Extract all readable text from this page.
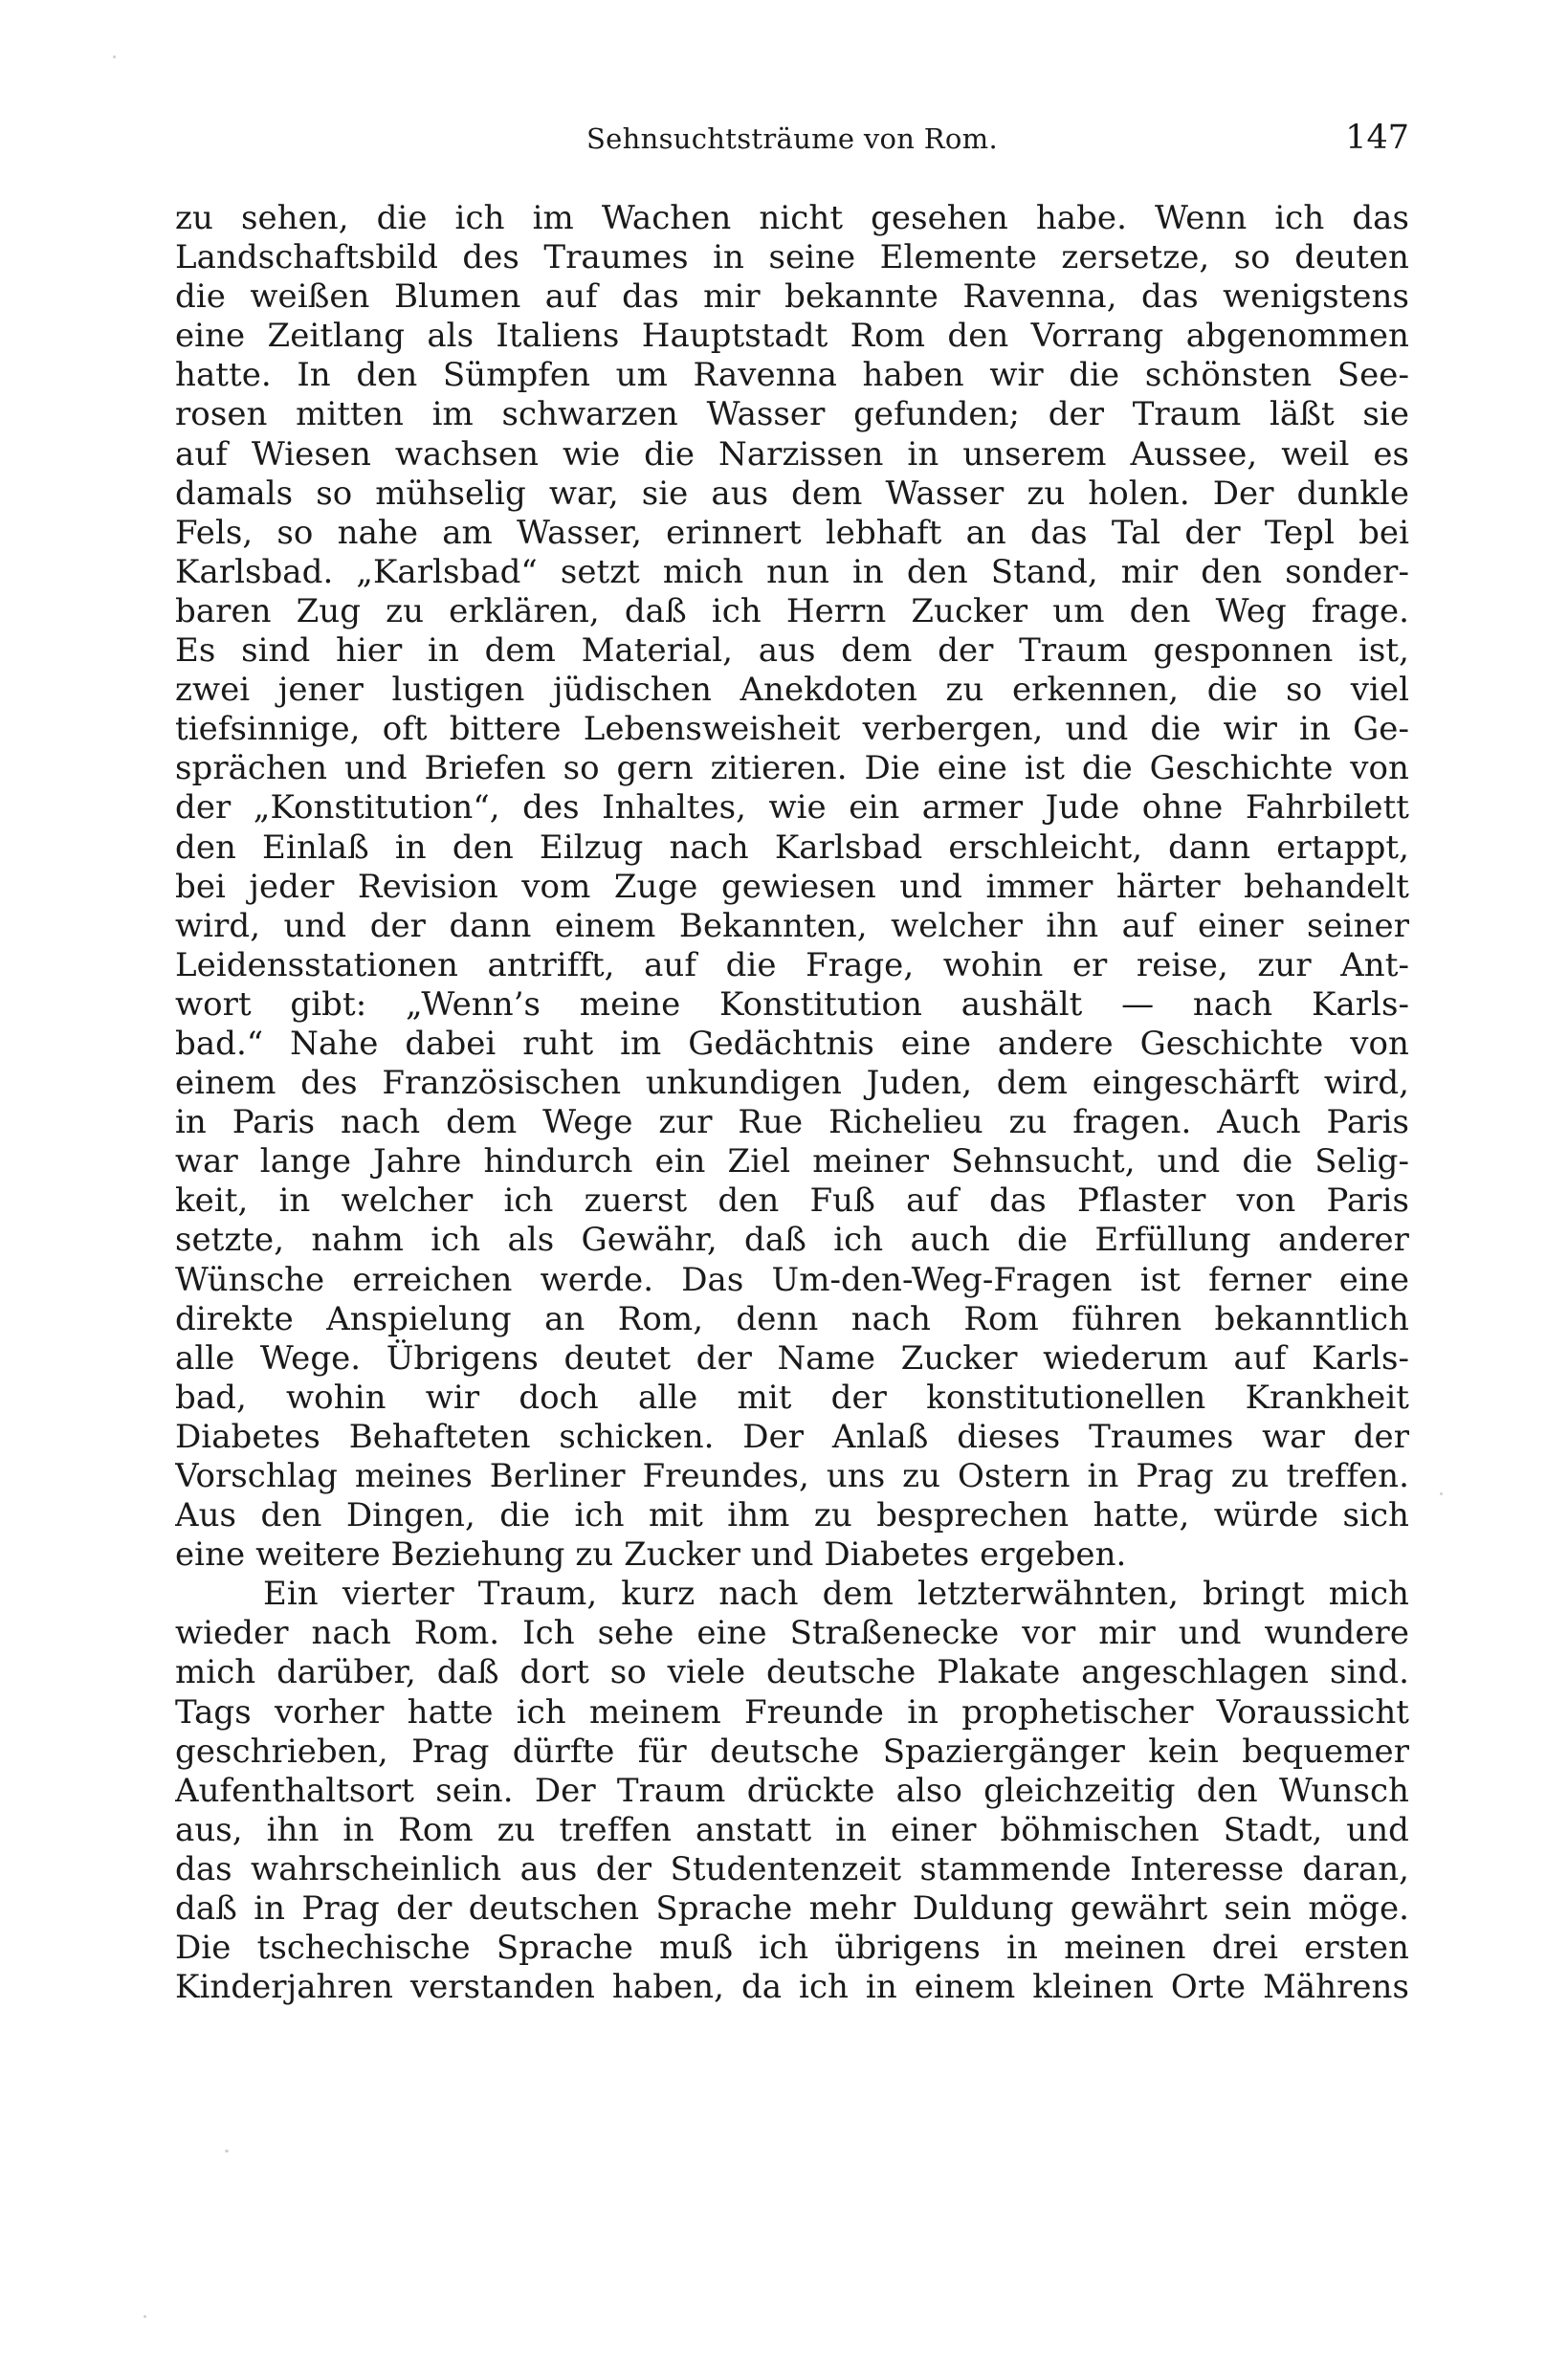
Sehnsuchtsträume von Rom.	147
zu sehen, die ich im Wachen nicht gesehen habe. Wenn ich das
Landschaftsbild des Traumes in seine Elemente zersetze, so deuten
die weißen Blumen auf das mir bekannte Ravenna, das wenigstens
eine Zeitlang als Italiens Hauptstadt Rom den Vorrang abgenommen
hatte. In den Sümpfen um Ravenna haben wir die schönsten See-
rosen mitten im schwarzen Wasser gefunden; der Traum läßt sie
auf Wiesen wachsen wie die Narzissen in unserem Aussee, weil es
damals so mühselig war, sie aus dem Wasser zu holen. Der dunkle
Fels, so nahe am Wasser, erinnert lebhaft an das Tal der Tepl bei
Karlsbad. „Karlsbad“ setzt mich nun in den Stand, mir den sonder-
baren Zug zu erklären, daß ich Herrn Zucker um den Weg frage.
Es sind hier in dem Material, aus dem der Traum gesponnen ist,
zwei jener lustigen jüdischen Anekdoten zu erkennen, die so viel
tiefsinnige, oft bittere Lebensweisheit verbergen, und die wir in Ge-
sprächen und Briefen so gern zitieren. Die eine ist die Geschichte von
der „Konstitution“, des Inhaltes, wie ein armer Jude ohne Fahrbilett
den Einlaß in den Eilzug nach Karlsbad erschleicht, dann ertappt,
bei jeder Revision vom Zuge gewiesen und immer härter behandelt
wird, und der dann einem Bekannten, welcher ihn auf einer seiner
Leidensstationen antrifft, auf die Frage, wohin er reise, zur Ant-
wort gibt: „Wenn’s meine Konstitution aushält — nach Karls-
bad.“ Nahe dabei ruht im Gedächtnis eine andere Geschichte von
einem des Französischen unkundigen Juden, dem eingeschärft wird,
in Paris nach dem Wege zur Rue Richelieu zu fragen. Auch Paris
war lange Jahre hindurch ein Ziel meiner Sehnsucht, und die Selig-
keit, in welcher ich zuerst den Fuß auf das Pflaster von Paris
setzte, nahm ich als Gewähr, daß ich auch die Erfüllung anderer
Wünsche erreichen werde. Das Um-den-Weg-Fragen ist ferner eine
direkte Anspielung an Rom, denn nach Rom führen bekanntlich
alle Wege. Übrigens deutet der Name Zucker wiederum auf Karls-
bad, wohin wir doch alle mit der konstitutionellen Krankheit
Diabetes Behafteten schicken. Der Anlaß dieses Traumes war der
Vorschlag meines Berliner Freundes, uns zu Ostern in Prag zu treffen.
Aus den Dingen, die ich mit ihm zu besprechen hatte, würde sich
eine weitere Beziehung zu Zucker und Diabetes ergeben.
Ein vierter Traum, kurz nach dem letzterwähnten, bringt mich
wieder nach Rom. Ich sehe eine Straßenecke vor mir und wundere
mich darüber, daß dort so viele deutsche Plakate angeschlagen sind.
Tags vorher hatte ich meinem Freunde in prophetischer Voraussicht
geschrieben, Prag dürfte für deutsche Spaziergänger kein bequemer
Aufenthaltsort sein. Der Traum drückte also gleichzeitig den Wunsch
aus, ihn in Rom zu treffen anstatt in einer böhmischen Stadt, und
das wahrscheinlich aus der Studentenzeit stammende Interesse daran,
daß in Prag der deutschen Sprache mehr Duldung gewährt sein möge.
Die tschechische Sprache muß ich übrigens in meinen drei ersten
Kinderjahren verstanden haben, da ich in einem kleinen Orte Mährens
